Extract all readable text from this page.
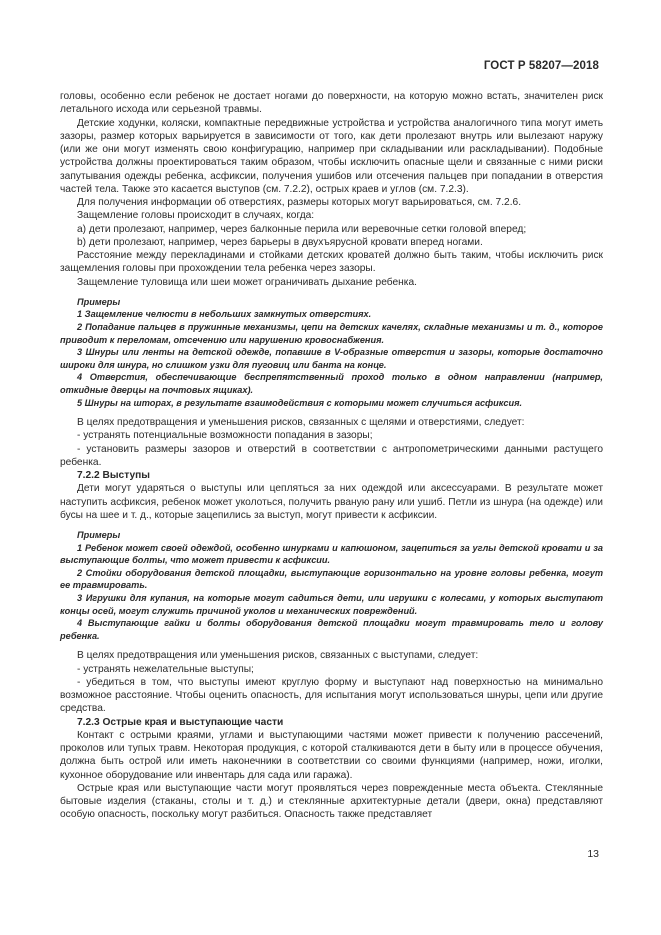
ГОСТ Р 58207—2018

головы, особенно если ребенок не достает ногами до поверхности, на которую можно встать, значителен риск летального исхода или серьезной травмы.

Детские ходунки, коляски, компактные передвижные устройства и устройства аналогичного типа могут иметь зазоры, размер которых варьируется в зависимости от того, как дети пролезают внутрь или вылезают наружу (или же они могут изменять свою конфигурацию, например при складывании или раскладывании). Подобные устройства должны проектироваться таким образом, чтобы исключить опасные щели и связанные с ними риски запутывания одежды ребенка, асфиксии, получения ушибов или отсечения пальцев при попадании в отверстия частей тела. Также это касается выступов (см. 7.2.2), острых краев и углов (см. 7.2.3).

Для получения информации об отверстиях, размеры которых могут варьироваться, см. 7.2.6.

Защемление головы происходит в случаях, когда:

a) дети пролезают, например, через балконные перила или веревочные сетки головой вперед;

b) дети пролезают, например, через барьеры в двухъярусной кровати вперед ногами.

Расстояние между перекладинами и стойками детских кроватей должно быть таким, чтобы исключить риск защемления головы при прохождении тела ребенка через зазоры.

Защемление туловища или шеи может ограничивать дыхание ребенка.

Примеры

1 Защемление челюсти в небольших замкнутых отверстиях.

2 Попадание пальцев в пружинные механизмы, цепи на детских качелях, складные механизмы и т. д., которое приводит к переломам, отсечению или нарушению кровоснабжения.

3 Шнуры или ленты на детской одежде, попавшие в V-образные отверстия и зазоры, которые достаточно широки для шнура, но слишком узки для пуговиц или банта на конце.

4 Отверстия, обеспечивающие беспрепятственный проход только в одном направлении (например, откидные дверцы на почтовых ящиках).

5 Шнуры на шторах, в результате взаимодействия с которыми может случиться асфиксия.

В целях предотвращения и уменьшения рисков, связанных с щелями и отверстиями, следует:

- устранять потенциальные возможности попадания в зазоры;

- установить размеры зазоров и отверстий в соответствии с антропометрическими данными растущего ребенка.

7.2.2 Выступы

Дети могут ударяться о выступы или цепляться за них одеждой или аксессуарами. В результате может наступить асфиксия, ребенок может уколоться, получить рваную рану или ушиб. Петли из шнура (на одежде) или бусы на шее и т. д., которые зацепились за выступ, могут привести к асфиксии.

Примеры

1 Ребенок может своей одеждой, особенно шнурками и капюшоном, зацепиться за углы детской кровати и за выступающие болты, что может привести к асфиксии.

2 Стойки оборудования детской площадки, выступающие горизонтально на уровне головы ребенка, могут ее травмировать.

3 Игрушки для купания, на которые могут садиться дети, или игрушки с колесами, у которых выступают концы осей, могут служить причиной уколов и механических повреждений.

4 Выступающие гайки и болты оборудования детской площадки могут травмировать тело и голову ребенка.

В целях предотвращения или уменьшения рисков, связанных с выступами, следует:

- устранять нежелательные выступы;

- убедиться в том, что выступы имеют круглую форму и выступают над поверхностью на минимально возможное расстояние. Чтобы оценить опасность, для испытания могут использоваться шнуры, цепи или другие средства.

7.2.3 Острые края и выступающие части

Контакт с острыми краями, углами и выступающими частями может привести к получению рассечений, проколов или тупых травм. Некоторая продукция, с которой сталкиваются дети в быту или в процессе обучения, должна быть острой или иметь наконечники в соответствии со своими функциями (например, ножи, иголки, кухонное оборудование или инвентарь для сада или гаража).

Острые края или выступающие части могут проявляться через поврежденные места объекта. Стеклянные бытовые изделия (стаканы, столы и т. д.) и стеклянные архитектурные детали (двери, окна) представляют особую опасность, поскольку могут разбиться. Опасность также представляет

13
